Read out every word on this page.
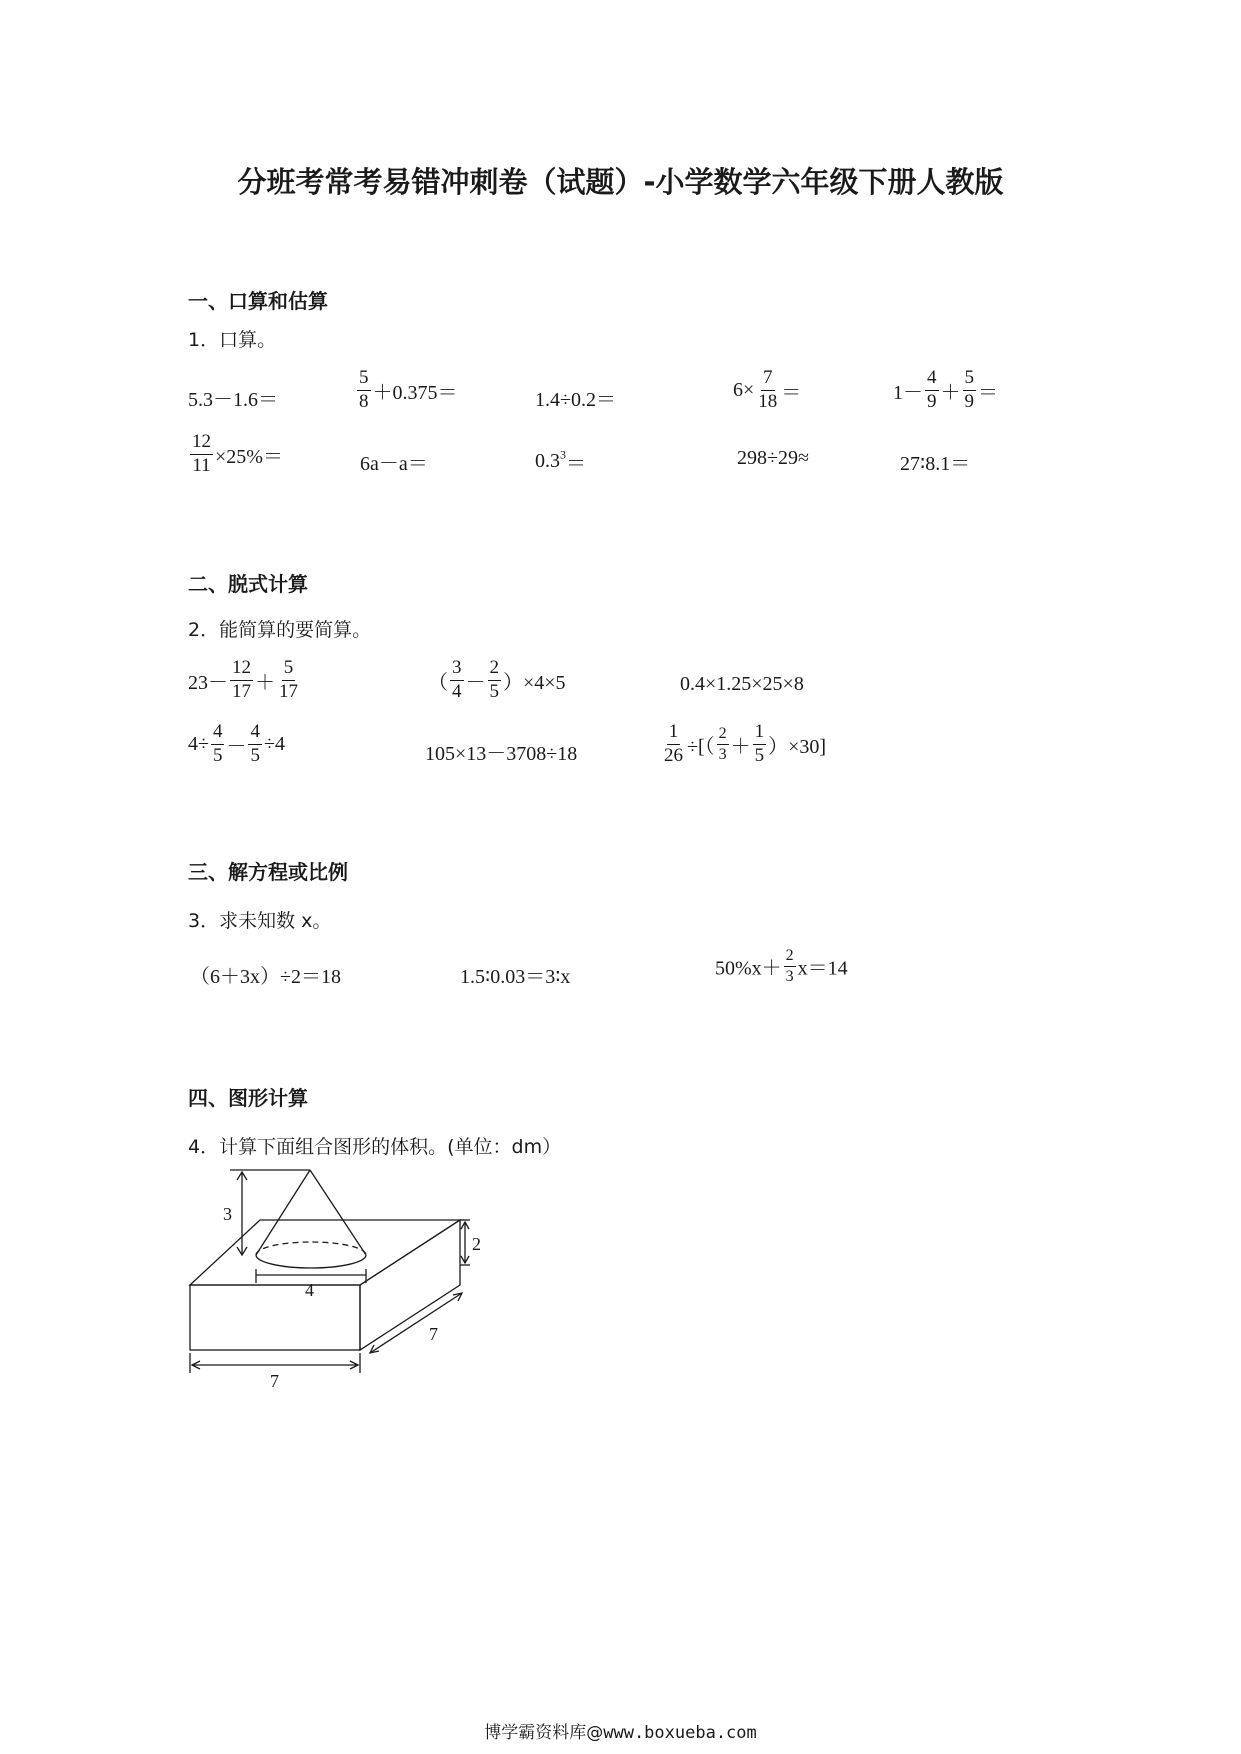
分班考常考易错冲刺卷（试题）-小学数学六年级下册人教版
一、口算和估算
1．口算。
5.3－1.6＝	$\frac{5}{8} +0.375=$	1.4÷0.2＝	$6\times \frac{7}{18}$ ＝	$1- \frac{4}{9} + \frac{5}{9}$ ＝
$\frac{12}{11} \times 25\%=$	6a－a＝	$0.3^3=$	298÷29≈	27∶8.1＝
二、脱式计算
2．能简算的要简算。
$23- \frac{12}{17} + \frac{5}{17}$	（ $\frac{3}{4} - \frac{2}{5} )\times 4\times 5$	0.4×1.25×25×8
$4\div \frac{4}{5} - \frac{4}{5} \div 4$	105×13－3708÷18	$\frac{1}{26}$ ÷[（ $\frac{2}{3} + \frac{1}{5} )\times 30$]
三、解方程或比例
3．求未知数 x。
（6＋3x）÷2＝18	1.5∶0.03＝3∶x	$50\%x+ \frac{2}{3} x=14$
四、图形计算
4．计算下面组合图形的体积。(单位：dm）
3
2
4
7
7
博学霸资料库@www.boxueba.com
